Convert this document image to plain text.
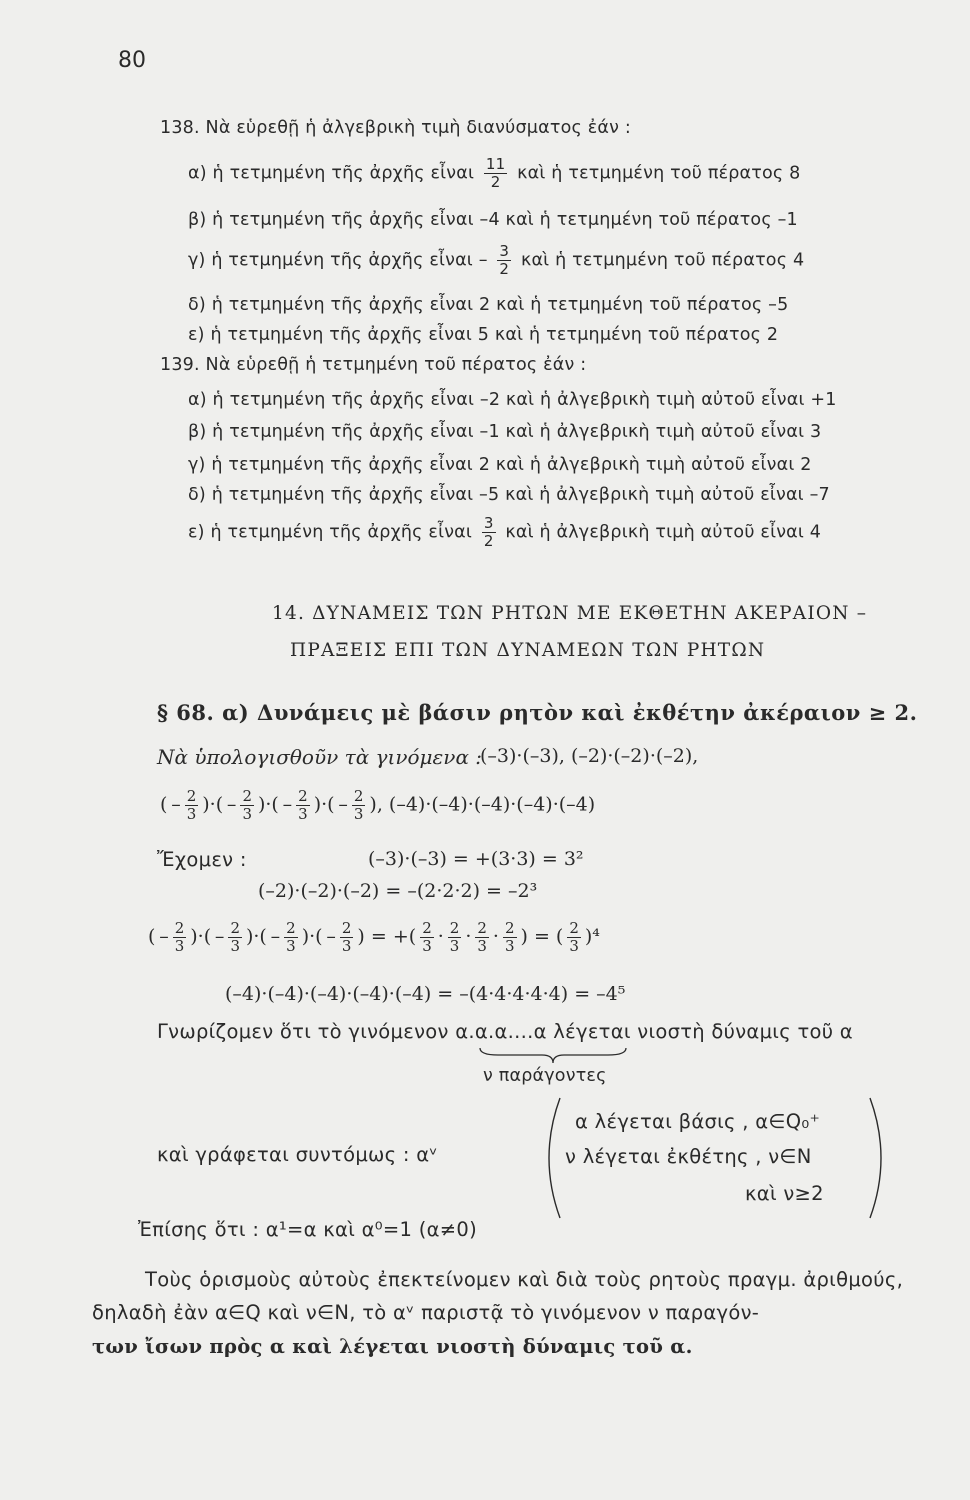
80
138. Νὰ εὑρεθῇ ἡ ἀλγεβρικὴ τιμὴ διανύσματος ἐάν :
α) ἡ τετμημένη τῆς ἀρχῆς εἶναι $\frac{11}{2}$ καὶ ἡ τετμημένη τοῦ πέρατος 8
β) ἡ τετμημένη τῆς ἀρχῆς εἶναι –4 καὶ ἡ τετμημένη τοῦ πέρατος –1
γ) ἡ τετμημένη τῆς ἀρχῆς εἶναι – $\frac{3}{2}$ καὶ ἡ τετμημένη τοῦ πέρατος 4
δ) ἡ τετμημένη τῆς ἀρχῆς εἶναι 2 καὶ ἡ τετμημένη τοῦ πέρατος –5
ε) ἡ τετμημένη τῆς ἀρχῆς εἶναι 5 καὶ ἡ τετμημένη τοῦ πέρατος 2
139. Νὰ εὑρεθῇ ἡ τετμημένη τοῦ πέρατος ἐάν :
α) ἡ τετμημένη τῆς ἀρχῆς εἶναι –2 καὶ ἡ ἀλγεβρικὴ τιμὴ αὐτοῦ εἶναι +1
β) ἡ τετμημένη τῆς ἀρχῆς εἶναι –1 καὶ ἡ ἀλγεβρικὴ τιμὴ αὐτοῦ εἶναι 3
γ) ἡ τετμημένη τῆς ἀρχῆς εἶναι 2 καὶ ἡ ἀλγεβρικὴ τιμὴ αὐτοῦ εἶναι 2
δ) ἡ τετμημένη τῆς ἀρχῆς εἶναι –5 καὶ ἡ ἀλγεβρικὴ τιμὴ αὐτοῦ εἶναι –7
ε) ἡ τετμημένη τῆς ἀρχῆς εἶναι $\frac{3}{2}$ καὶ ἡ ἀλγεβρικὴ τιμὴ αὐτοῦ εἶναι 4
14. ΔΥΝΑΜΕΙΣ ΤΩΝ ΡΗΤΩΝ ΜΕ ΕΚΘΕΤΗΝ ΑΚΕΡΑΙΟΝ –
ΠΡΑΞΕΙΣ ΕΠΙ ΤΩΝ ΔΥΝΑΜΕΩΝ ΤΩΝ ΡΗΤΩΝ
§ 68. α) Δυνάμεις μὲ βάσιν ρητὸν καὶ ἐκθέτην ἀκέραιον ≥ 2.
Νὰ ὑπολογισθοῦν τὰ γινόμενα :
(–3)·(–3), (–2)·(–2)·(–2),
( – $\frac{2}{3}$ )·( – $\frac{2}{3}$ )·( – $\frac{2}{3}$ )·( – $\frac{2}{3}$ ), (–4)·(–4)·(–4)·(–4)·(–4)
Ἔχομεν :	(–3)·(–3) = +(3·3) = 3²
(–2)·(–2)·(–2) = –(2·2·2) = –2³
( – $\frac{2}{3}$ )·( – $\frac{2}{3}$ )·( – $\frac{2}{3}$ )·( – $\frac{2}{3}$ ) = +( $\frac{2}{3} \cdot \frac{2}{3} \cdot \frac{2}{3} \cdot \frac{2}{3}$ ) = ( $\frac{2}{3} )^4$
(–4)·(–4)·(–4)·(–4)·(–4) = –(4·4·4·4·4) = –4⁵
Γνωρίζομεν ὅτι τὸ γινόμενον α.α.α....α λέγεται νιοστὴ δύναμις τοῦ α
ν παράγοντες
α λέγεται βάσις , α∈Q₀⁺
καὶ γράφεται συντόμως : αᵛ	ν λέγεται ἐκθέτης , ν∈N
καὶ ν≥2
Ἐπίσης ὅτι : α¹=α καὶ α⁰=1 (α≠0)
Τοὺς ὁρισμοὺς αὐτοὺς ἐπεκτείνομεν καὶ διὰ τοὺς ρητοὺς πραγμ. ἀριθμούς,
δηλαδὴ ἐὰν α∈Q καὶ ν∈N, τὸ αᵛ παριστᾷ τὸ γινόμενον ν παραγόν-
των ἴσων πρὸς α καὶ λέγεται νιοστὴ δύναμις τοῦ α.
